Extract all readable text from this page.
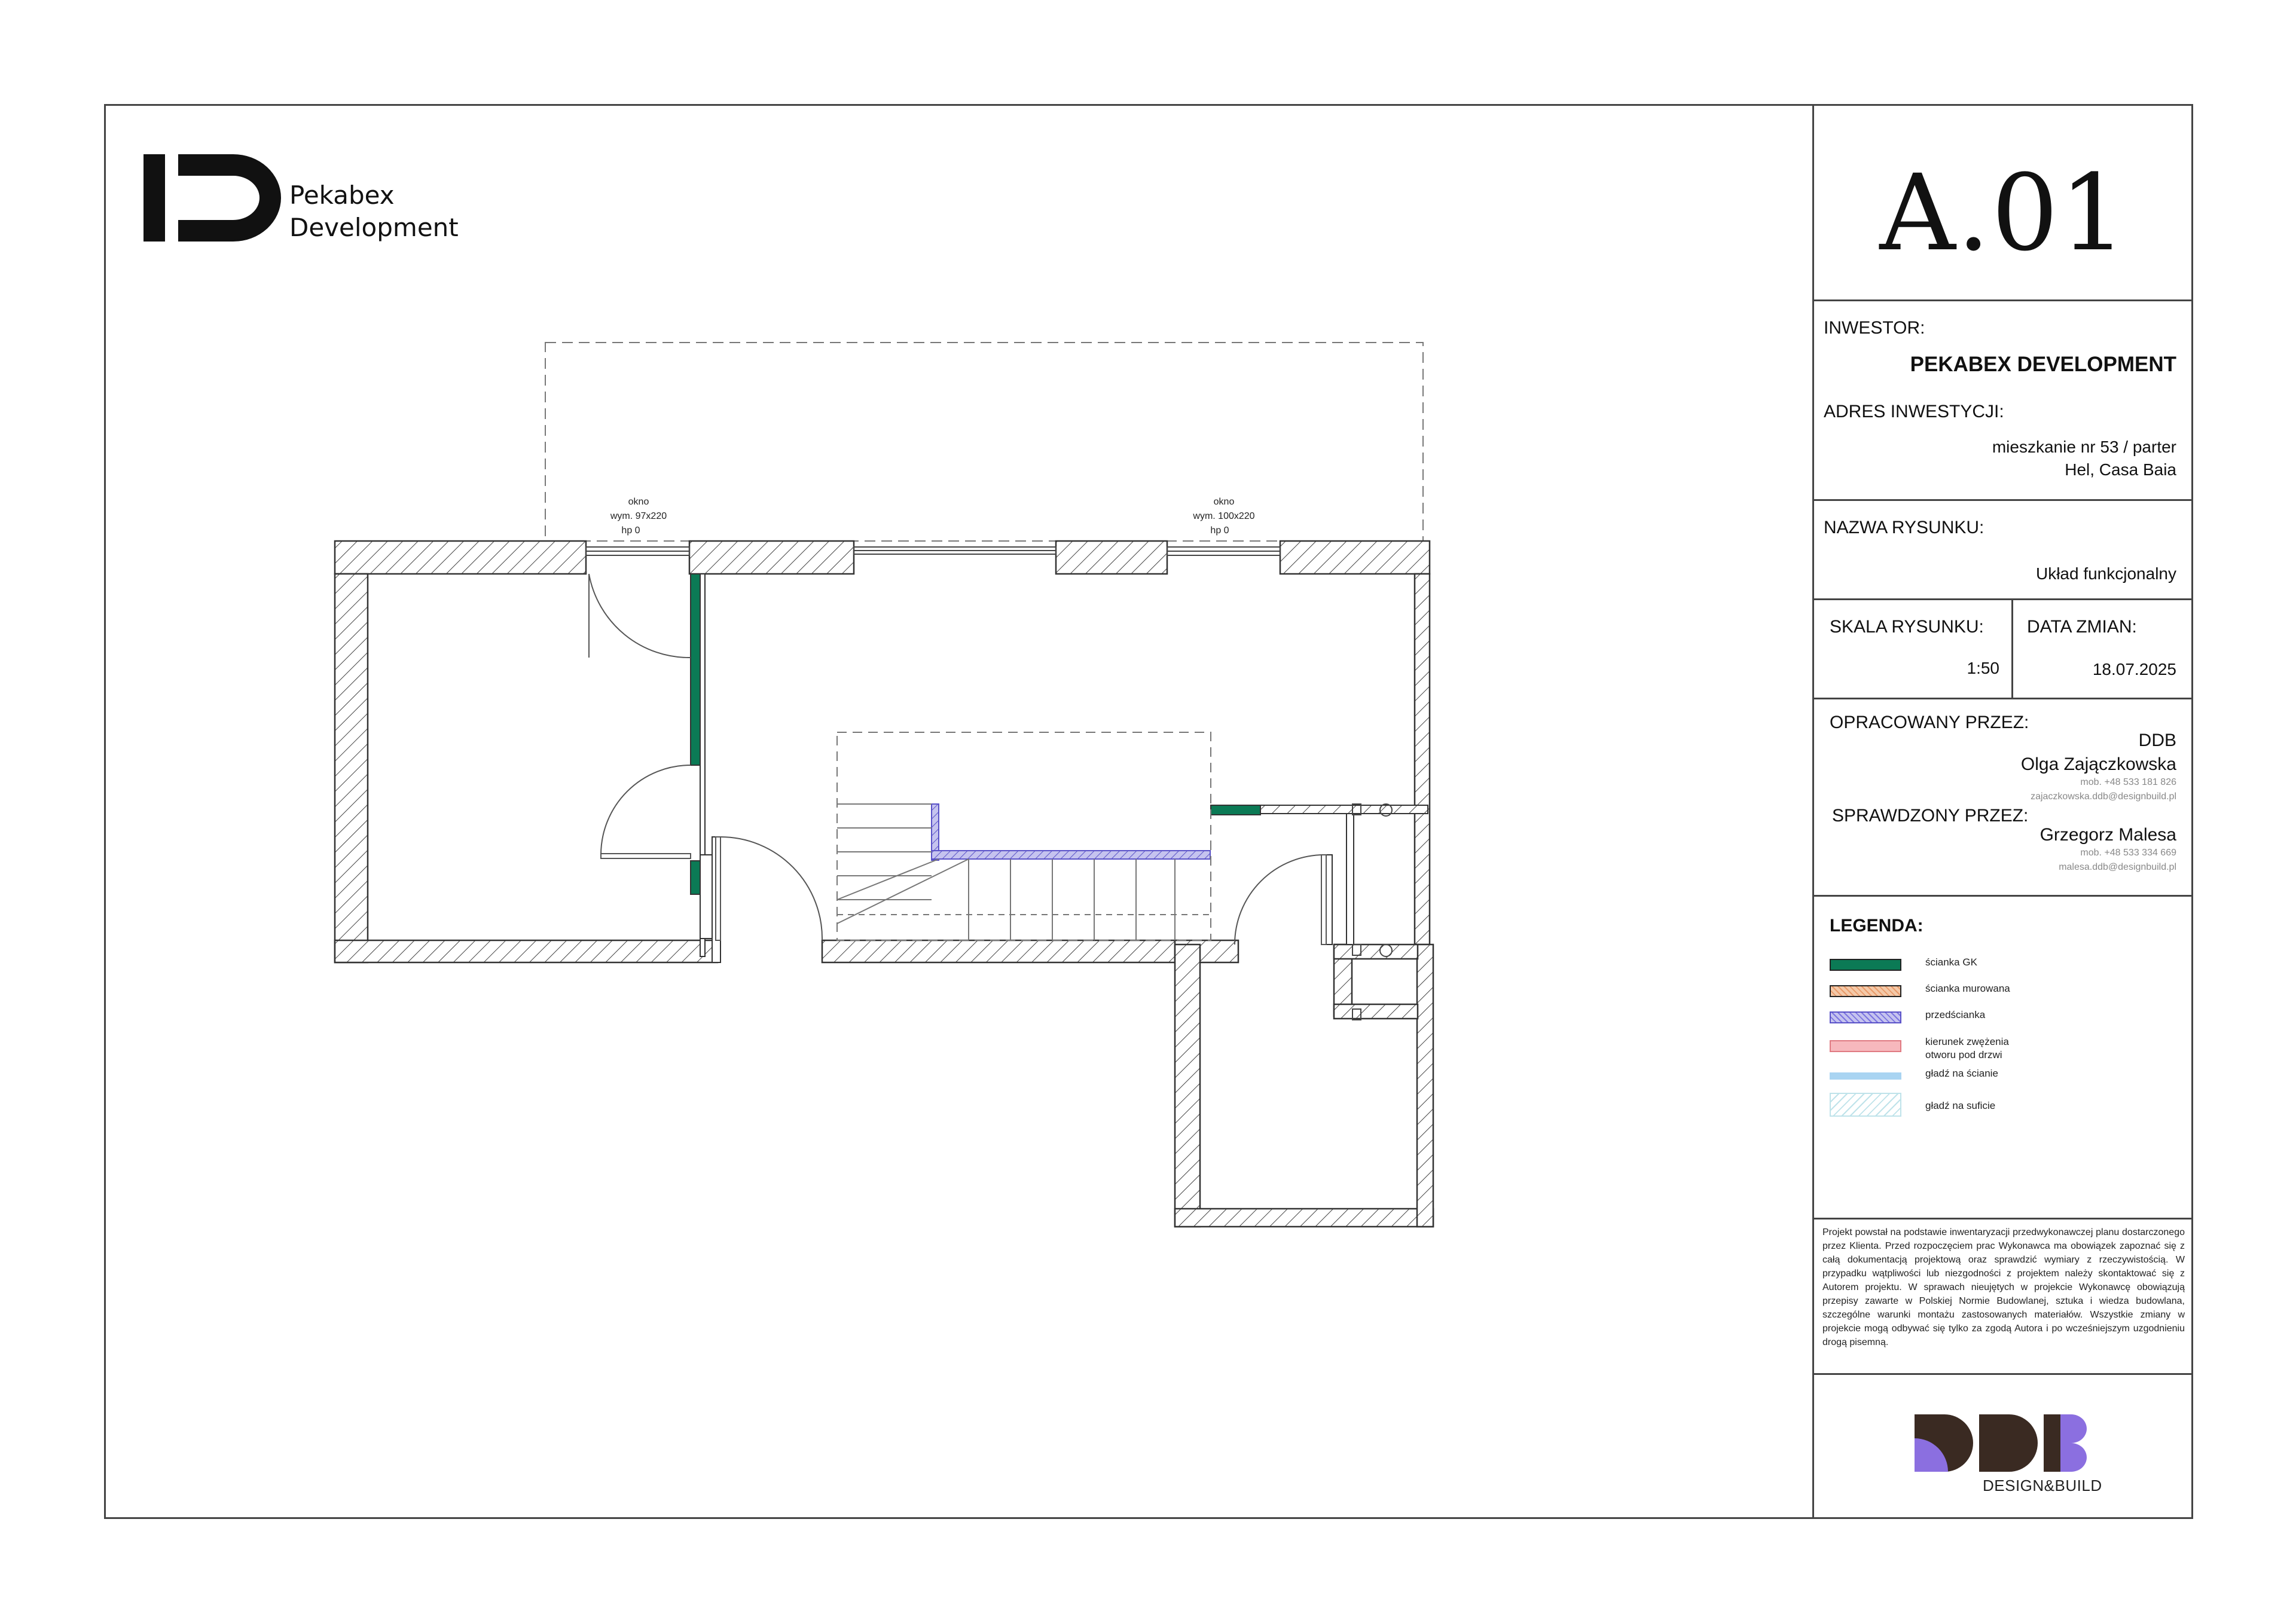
Pekabex
Development
okno
wym. 97x220
hp 0
okno
wym. 100x220
hp 0
A.01
INWESTOR:
PEKABEX DEVELOPMENT
ADRES INWESTYCJI:
mieszkanie nr 53 / parter
Hel, Casa Baia
NAZWA RYSUNKU:
Układ funkcjonalny
SKALA RYSUNKU:
1:50
DATA ZMIAN:
18.07.2025
OPRACOWANY PRZEZ:
DDB
Olga Zajączkowska
mob. +48 533 181 826
zajaczkowska.ddb@designbuild.pl
SPRAWDZONY PRZEZ:
Grzegorz Malesa
mob. +48 533 334 669
malesa.ddb@designbuild.pl
LEGENDA:
ścianka GK
ścianka murowana
przedścianka
kierunek zwężenia otworu pod drzwi
gładź na ścianie
gładź na suficie
Projekt powstał na podstawie inwentaryzacji przedwykonawczej planu dostarczonego przez Klienta. Przed rozpoczęciem prac Wykonawca ma obowiązek zapoznać się z całą dokumentacją projektową oraz sprawdzić wymiary z rzeczywistością. W przypadku wątpliwości lub niezgodności z projektem należy skontaktować się z Autorem projektu. W sprawach nieujętych w projekcie Wykonawcę obowiązują przepisy zawarte w Polskiej Normie Budowlanej, sztuka i wiedza budowlana, szczególne warunki montażu zastosowanych materiałów. Wszystkie zmiany w projekcie mogą odbywać się tylko za zgodą Autora i po wcześniejszym uzgodnieniu drogą pisemną.
DESIGN&BUILD
